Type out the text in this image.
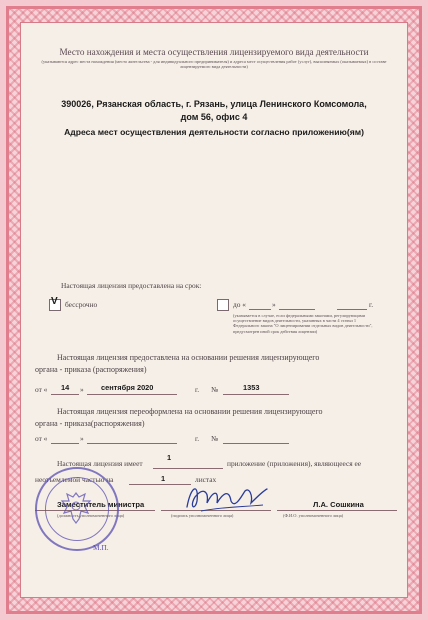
Место нахождения и места осуществления лицензируемого вида деятельности
(указываются адрес места нахождения (место жительства - для индивидуального предпринимателя) и адреса мест осуществления работ (услуг), выполняемых (оказываемых) в составе лицензируемого вида деятельности)
390026, Рязанская область, г. Рязань, улица Ленинского Комсомола,
дом 56, офис 4
Адреса мест осуществления деятельности согласно приложению(ям)
Настоящая лицензия предоставлена на срок:
V бессрочно	до «	»	г.
(указывается в случае, если федеральными законами, регулирующими осуществление видов деятельности, указанных в части 4 статьи 1 Федерального закона "О лицензировании отдельных видов деятельности", предусмотрен иной срок действия лицензии)
Настоящая лицензия предоставлена на основании решения лицензирующего
органа - приказа (распоряжения)
от « 14 » сентября 2020	г. №	1353
Настоящая лицензия переоформлена на основании решения лицензирующего
органа - приказа(распоряжения)
от «	»	г. №
Настоящая лицензия имеет
1
приложение (приложения), являющееся ее
неотъемлемой частью на	1	листах
Заместитель министра	Л.А. Сошкина
(должность уполномоченного лица)	(подпись уполномоченного лица)	(Ф.И.О. уполномоченного лица)
М.П.
